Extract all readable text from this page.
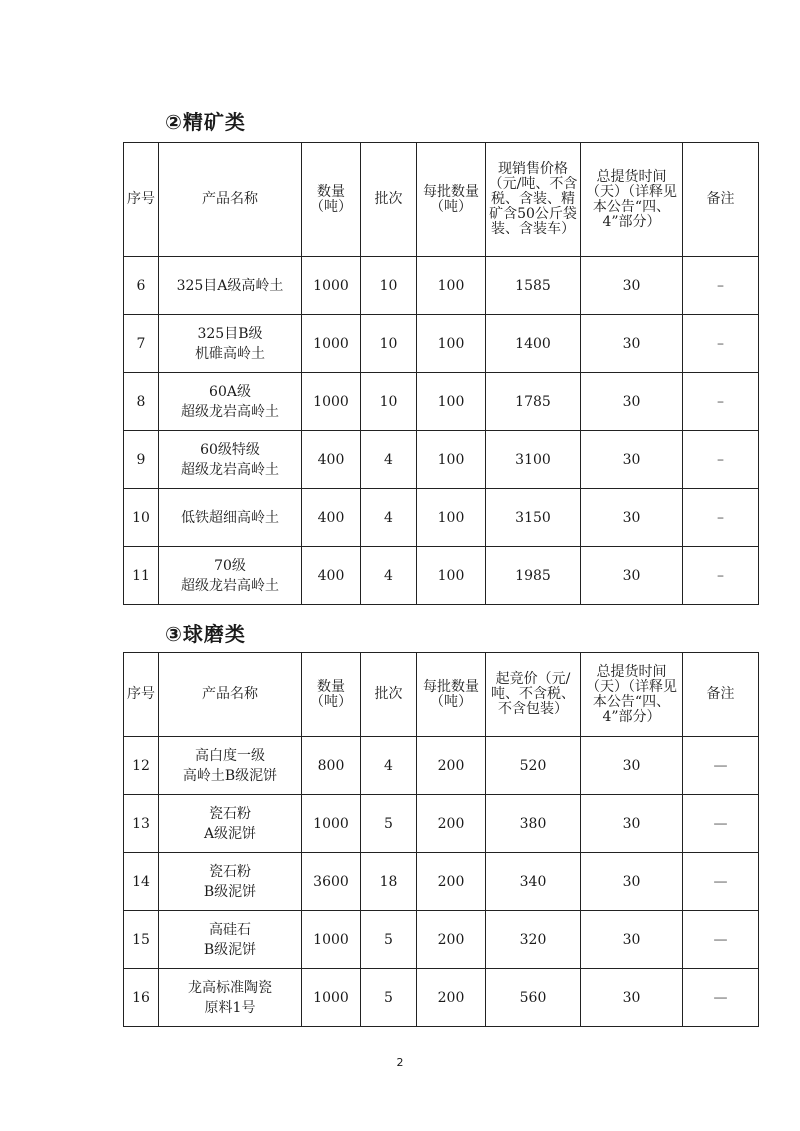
②精矿类
序号	产品名称	数量（吨）	批次	每批数量（吨）	现销售价格（元/吨、不含税、含装、精矿含50公斤袋装、含装车）	总提货时间（天）（详释见本公告“四、4”部分）	备注
6	325目A级高岭土	1000	10	100	1585	30	–
7	325目B级
机碓高岭土	1000	10	100	1400	30	–
8	60A级
超级龙岩高岭土	1000	10	100	1785	30	–
9	60级特级
超级龙岩高岭土	400	4	100	3100	30	–
10	低铁超细高岭土	400	4	100	3150	30	–
11	70级
超级龙岩高岭土	400	4	100	1985	30	–
③球磨类
序号	产品名称	数量（吨）	批次	每批数量（吨）	起竞价（元/吨、不含税、不含包装）	总提货时间（天）（详释见本公告“四、4”部分）	备注
12	高白度一级
高岭土B级泥饼	800	4	200	520	30	—
13	瓷石粉
A级泥饼	1000	5	200	380	30	—
14	瓷石粉
B级泥饼	3600	18	200	340	30	—
15	高硅石
B级泥饼	1000	5	200	320	30	—
16	龙高标准陶瓷
原料1号	1000	5	200	560	30	—
2
